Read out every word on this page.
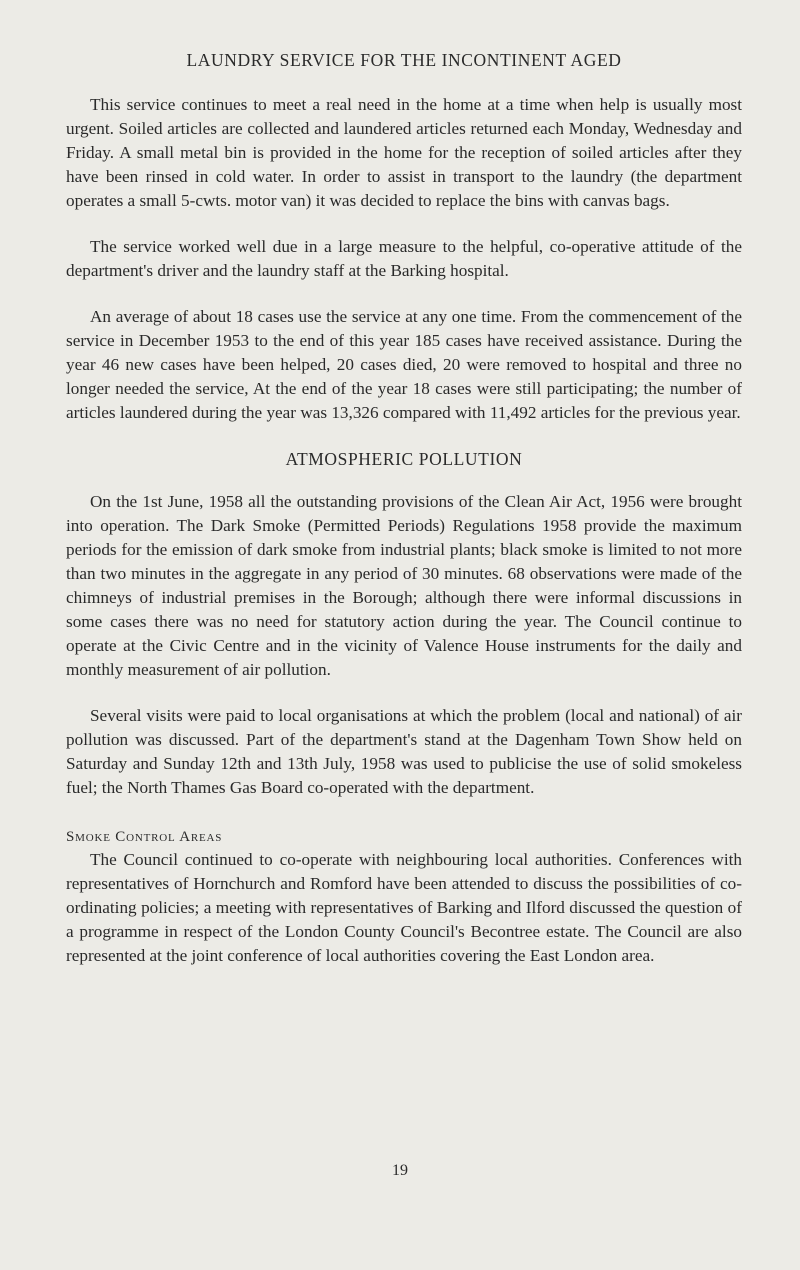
LAUNDRY SERVICE FOR THE INCONTINENT AGED

This service continues to meet a real need in the home at a time when help is usually most urgent. Soiled articles are collected and laundered articles returned each Monday, Wednesday and Friday. A small metal bin is provided in the home for the reception of soiled articles after they have been rinsed in cold water. In order to assist in transport to the laundry (the department operates a small 5-cwts. motor van) it was decided to replace the bins with canvas bags.

The service worked well due in a large measure to the helpful, co-operative attitude of the department's driver and the laundry staff at the Barking hospital.

An average of about 18 cases use the service at any one time. From the commencement of the service in December 1953 to the end of this year 185 cases have received assistance. During the year 46 new cases have been helped, 20 cases died, 20 were removed to hospital and three no longer needed the service, At the end of the year 18 cases were still participating; the number of articles laundered during the year was 13,326 compared with 11,492 articles for the previous year.

ATMOSPHERIC POLLUTION

On the 1st June, 1958 all the outstanding provisions of the Clean Air Act, 1956 were brought into operation. The Dark Smoke (Permitted Periods) Regulations 1958 provide the maximum periods for the emission of dark smoke from industrial plants; black smoke is limited to not more than two minutes in the aggregate in any period of 30 minutes. 68 observations were made of the chimneys of industrial premises in the Borough; although there were informal discussions in some cases there was no need for statutory action during the year. The Council continue to operate at the Civic Centre and in the vicinity of Valence House instruments for the daily and monthly measurement of air pollution.

Several visits were paid to local organisations at which the problem (local and national) of air pollution was discussed. Part of the department's stand at the Dagenham Town Show held on Saturday and Sunday 12th and 13th July, 1958 was used to publicise the use of solid smokeless fuel; the North Thames Gas Board co-operated with the department.

Smoke Control Areas

The Council continued to co-operate with neighbouring local authorities. Conferences with representatives of Hornchurch and Romford have been attended to discuss the possibilities of co-ordinating policies; a meeting with representatives of Barking and Ilford discussed the question of a programme in respect of the London County Council's Becontree estate. The Council are also represented at the joint conference of local authorities covering the East London area.

19
